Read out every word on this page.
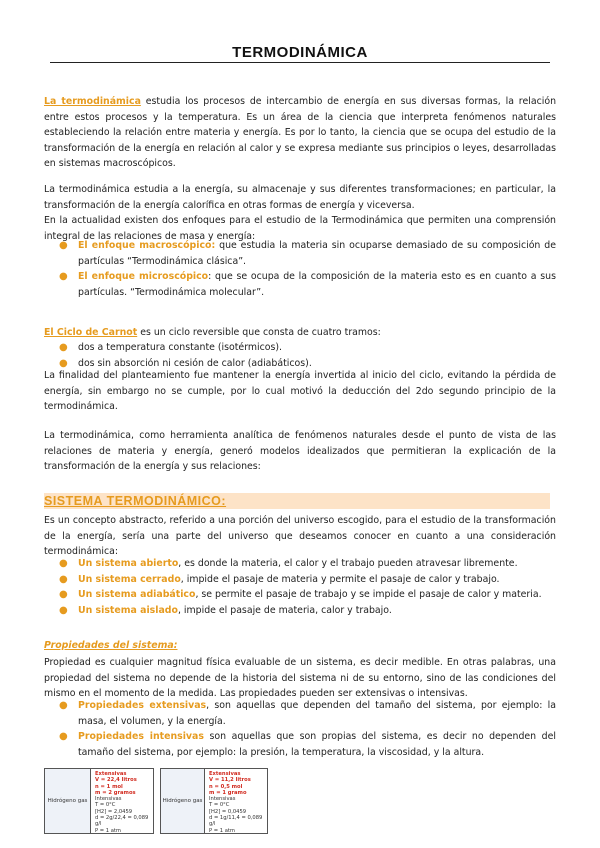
TERMODINÁMICA

La termodinámica estudia los procesos de intercambio de energía en sus diversas formas, la relación entre estos procesos y la temperatura. Es un área de la ciencia que interpreta fenómenos naturales estableciendo la relación entre materia y energía. Es por lo tanto, la ciencia que se ocupa del estudio de la transformación de la energía en relación al calor y se expresa mediante sus principios o leyes, desarrolladas en sistemas macroscópicos.

La termodinámica estudia a la energía, su almacenaje y sus diferentes transformaciones; en particular, la transformación de la energía calorífica en otras formas de energía y viceversa.

En la actualidad existen dos enfoques para el estudio de la Termodinámica que permiten una comprensión integral de las relaciones de masa y energía:

● El enfoque macroscópico: que estudia la materia sin ocuparse demasiado de su composición de partículas “Termodinámica clásica”.
● El enfoque microscópico: que se ocupa de la composición de la materia esto es en cuanto a sus partículas. “Termodinámica molecular”.

El Ciclo de Carnot es un ciclo reversible que consta de cuatro tramos:

● dos a temperatura constante (isotérmicos).
● dos sin absorción ni cesión de calor (adiabáticos).

La finalidad del planteamiento fue mantener la energía invertida al inicio del ciclo, evitando la pérdida de energía, sin embargo no se cumple, por lo cual motivó la deducción del 2do segundo principio de la termodinámica.

La termodinámica, como herramienta analítica de fenómenos naturales desde el punto de vista de las relaciones de materia y energía, generó modelos idealizados que permitieran la explicación de la transformación de la energía y sus relaciones:

SISTEMA TERMODINÁMICO:

Es un concepto abstracto, referido a una porción del universo escogido, para el estudio de la transformación de la energía, sería una parte del universo que deseamos conocer en cuanto a una consideración termodinámica:

● Un sistema abierto, es donde la materia, el calor y el trabajo pueden atravesar libremente.
● Un sistema cerrado, impide el pasaje de materia y permite el pasaje de calor y trabajo.
● Un sistema adiabático, se permite el pasaje de trabajo y se impide el pasaje de calor y materia.
● Un sistema aislado, impide el pasaje de materia, calor y trabajo.
Propiedades del sistema:

Propiedad es cualquier magnitud física evaluable de un sistema, es decir medible. En otras palabras, una propiedad del sistema no depende de la historia del sistema ni de su entorno, sino de las condiciones del mismo en el momento de la medida. Las propiedades pueden ser extensivas o intensivas.

● Propiedades extensivas, son aquellas que dependen del tamaño del sistema, por ejemplo: la masa, el volumen, y la energía.
● Propiedades intensivas son aquellas que son propias del sistema, es decir no dependen del tamaño del sistema, por ejemplo: la presión, la temperatura, la viscosidad, y la altura.
Hidrógeno gas
Extensivas
V = 22,4 litros
n = 1 mol
m = 2 gramos
Intensivas
T = 0°C
[H2] = 2,0459
d = 2g/22,4 = 0,089 g/l
P = 1 atm
Hidrógeno gas
Extensivas
V = 11,2 litros
n = 0,5 mol
m = 1 gramo
Intensivas
T = 0°C
[H2] = 0,0459
d = 1g/11,4 = 0,089 g/l
P = 1 atm
